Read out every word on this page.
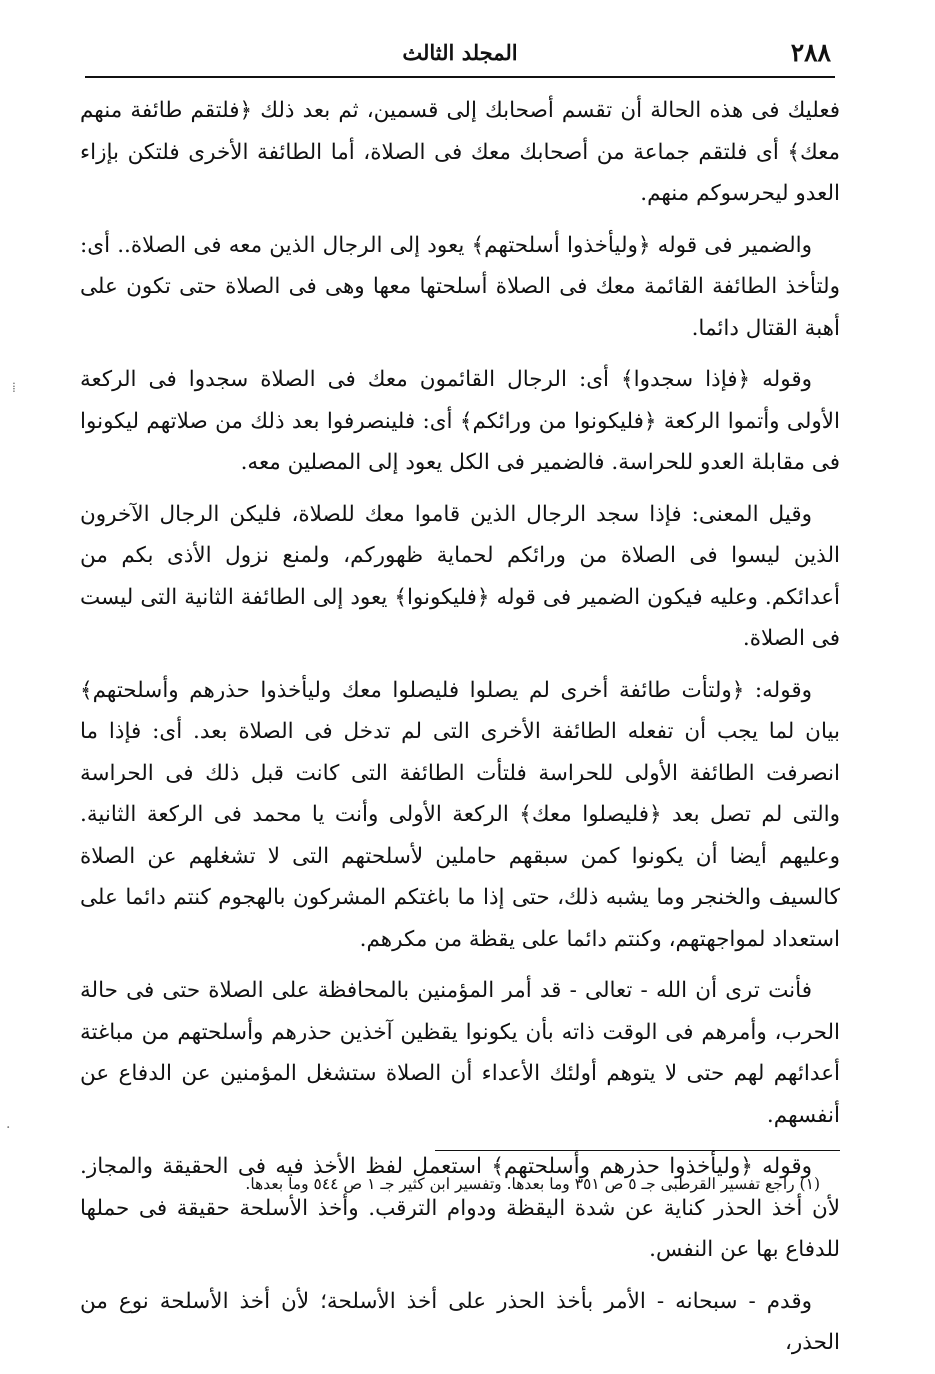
٢٨٨
المجلد الثالث

فعليك فى هذه الحالة أن تقسم أصحابك إلى قسمين، ثم بعد ذلك ﴿فلتقم طائفة منهم معك﴾ أى فلتقم جماعة من أصحابك معك فى الصلاة، أما الطائفة الأخرى فلتكن بإزاء العدو ليحرسوكم منهم.

والضمير فى قوله ﴿وليأخذوا أسلحتهم﴾ يعود إلى الرجال الذين معه فى الصلاة.. أى: ولتأخذ الطائفة القائمة معك فى الصلاة أسلحتها معها وهى فى الصلاة حتى تكون على أهبة القتال دائما.

وقوله ﴿فإذا سجدوا﴾ أى: الرجال القائمون معك فى الصلاة سجدوا فى الركعة الأولى وأتموا الركعة ﴿فليكونوا من ورائكم﴾ أى: فلينصرفوا بعد ذلك من صلاتهم ليكونوا فى مقابلة العدو للحراسة. فالضمير فى الكل يعود إلى المصلين معه.

وقيل المعنى: فإذا سجد الرجال الذين قاموا معك للصلاة، فليكن الرجال الآخرون الذين ليسوا فى الصلاة من ورائكم لحماية ظهوركم، ولمنع نزول الأذى بكم من أعدائكم. وعليه فيكون الضمير فى قوله ﴿فليكونوا﴾ يعود إلى الطائفة الثانية التى ليست فى الصلاة.

وقوله: ﴿ولتأت طائفة أخرى لم يصلوا فليصلوا معك وليأخذوا حذرهم وأسلحتهم﴾ بيان لما يجب أن تفعله الطائفة الأخرى التى لم تدخل فى الصلاة بعد. أى: فإذا ما انصرفت الطائفة الأولى للحراسة فلتأت الطائفة التى كانت قبل ذلك فى الحراسة والتى لم تصل بعد ﴿فليصلوا معك﴾ الركعة الأولى وأنت يا محمد فى الركعة الثانية. وعليهم أيضا أن يكونوا كمن سبقهم حاملين لأسلحتهم التى لا تشغلهم عن الصلاة كالسيف والخنجر وما يشبه ذلك، حتى إذا ما باغتكم المشركون بالهجوم كنتم دائما على استعداد لمواجهتهم، وكنتم دائما على يقظة من مكرهم.

فأنت ترى أن الله - تعالى - قد أمر المؤمنين بالمحافظة على الصلاة حتى فى حالة الحرب، وأمرهم فى الوقت ذاته بأن يكونوا يقظين آخذين حذرهم وأسلحتهم من مباغتة أعدائهم لهم حتى لا يتوهم أولئك الأعداء أن الصلاة ستشغل المؤمنين عن الدفاع عن أنفسهم.

وقوله ﴿وليأخذوا حذرهم وأسلحتهم﴾ استعمل لفظ الأخذ فيه فى الحقيقة والمجاز. لأن أخذ الحذر كناية عن شدة اليقظة ودوام الترقب. وأخذ الأسلحة حقيقة فى حملها للدفاع بها عن النفس.

وقدم - سبحانه - الأمر بأخذ الحذر على أخذ الأسلحة؛ لأن أخذ الأسلحة نوع من الحذر،

(١) راجع تفسير القرطبى جـ ٥ ص ٣٥١ وما بعدها. وتفسير ابن كثير جـ ١ ص ٥٤٤ وما بعدها.
⁞
·
